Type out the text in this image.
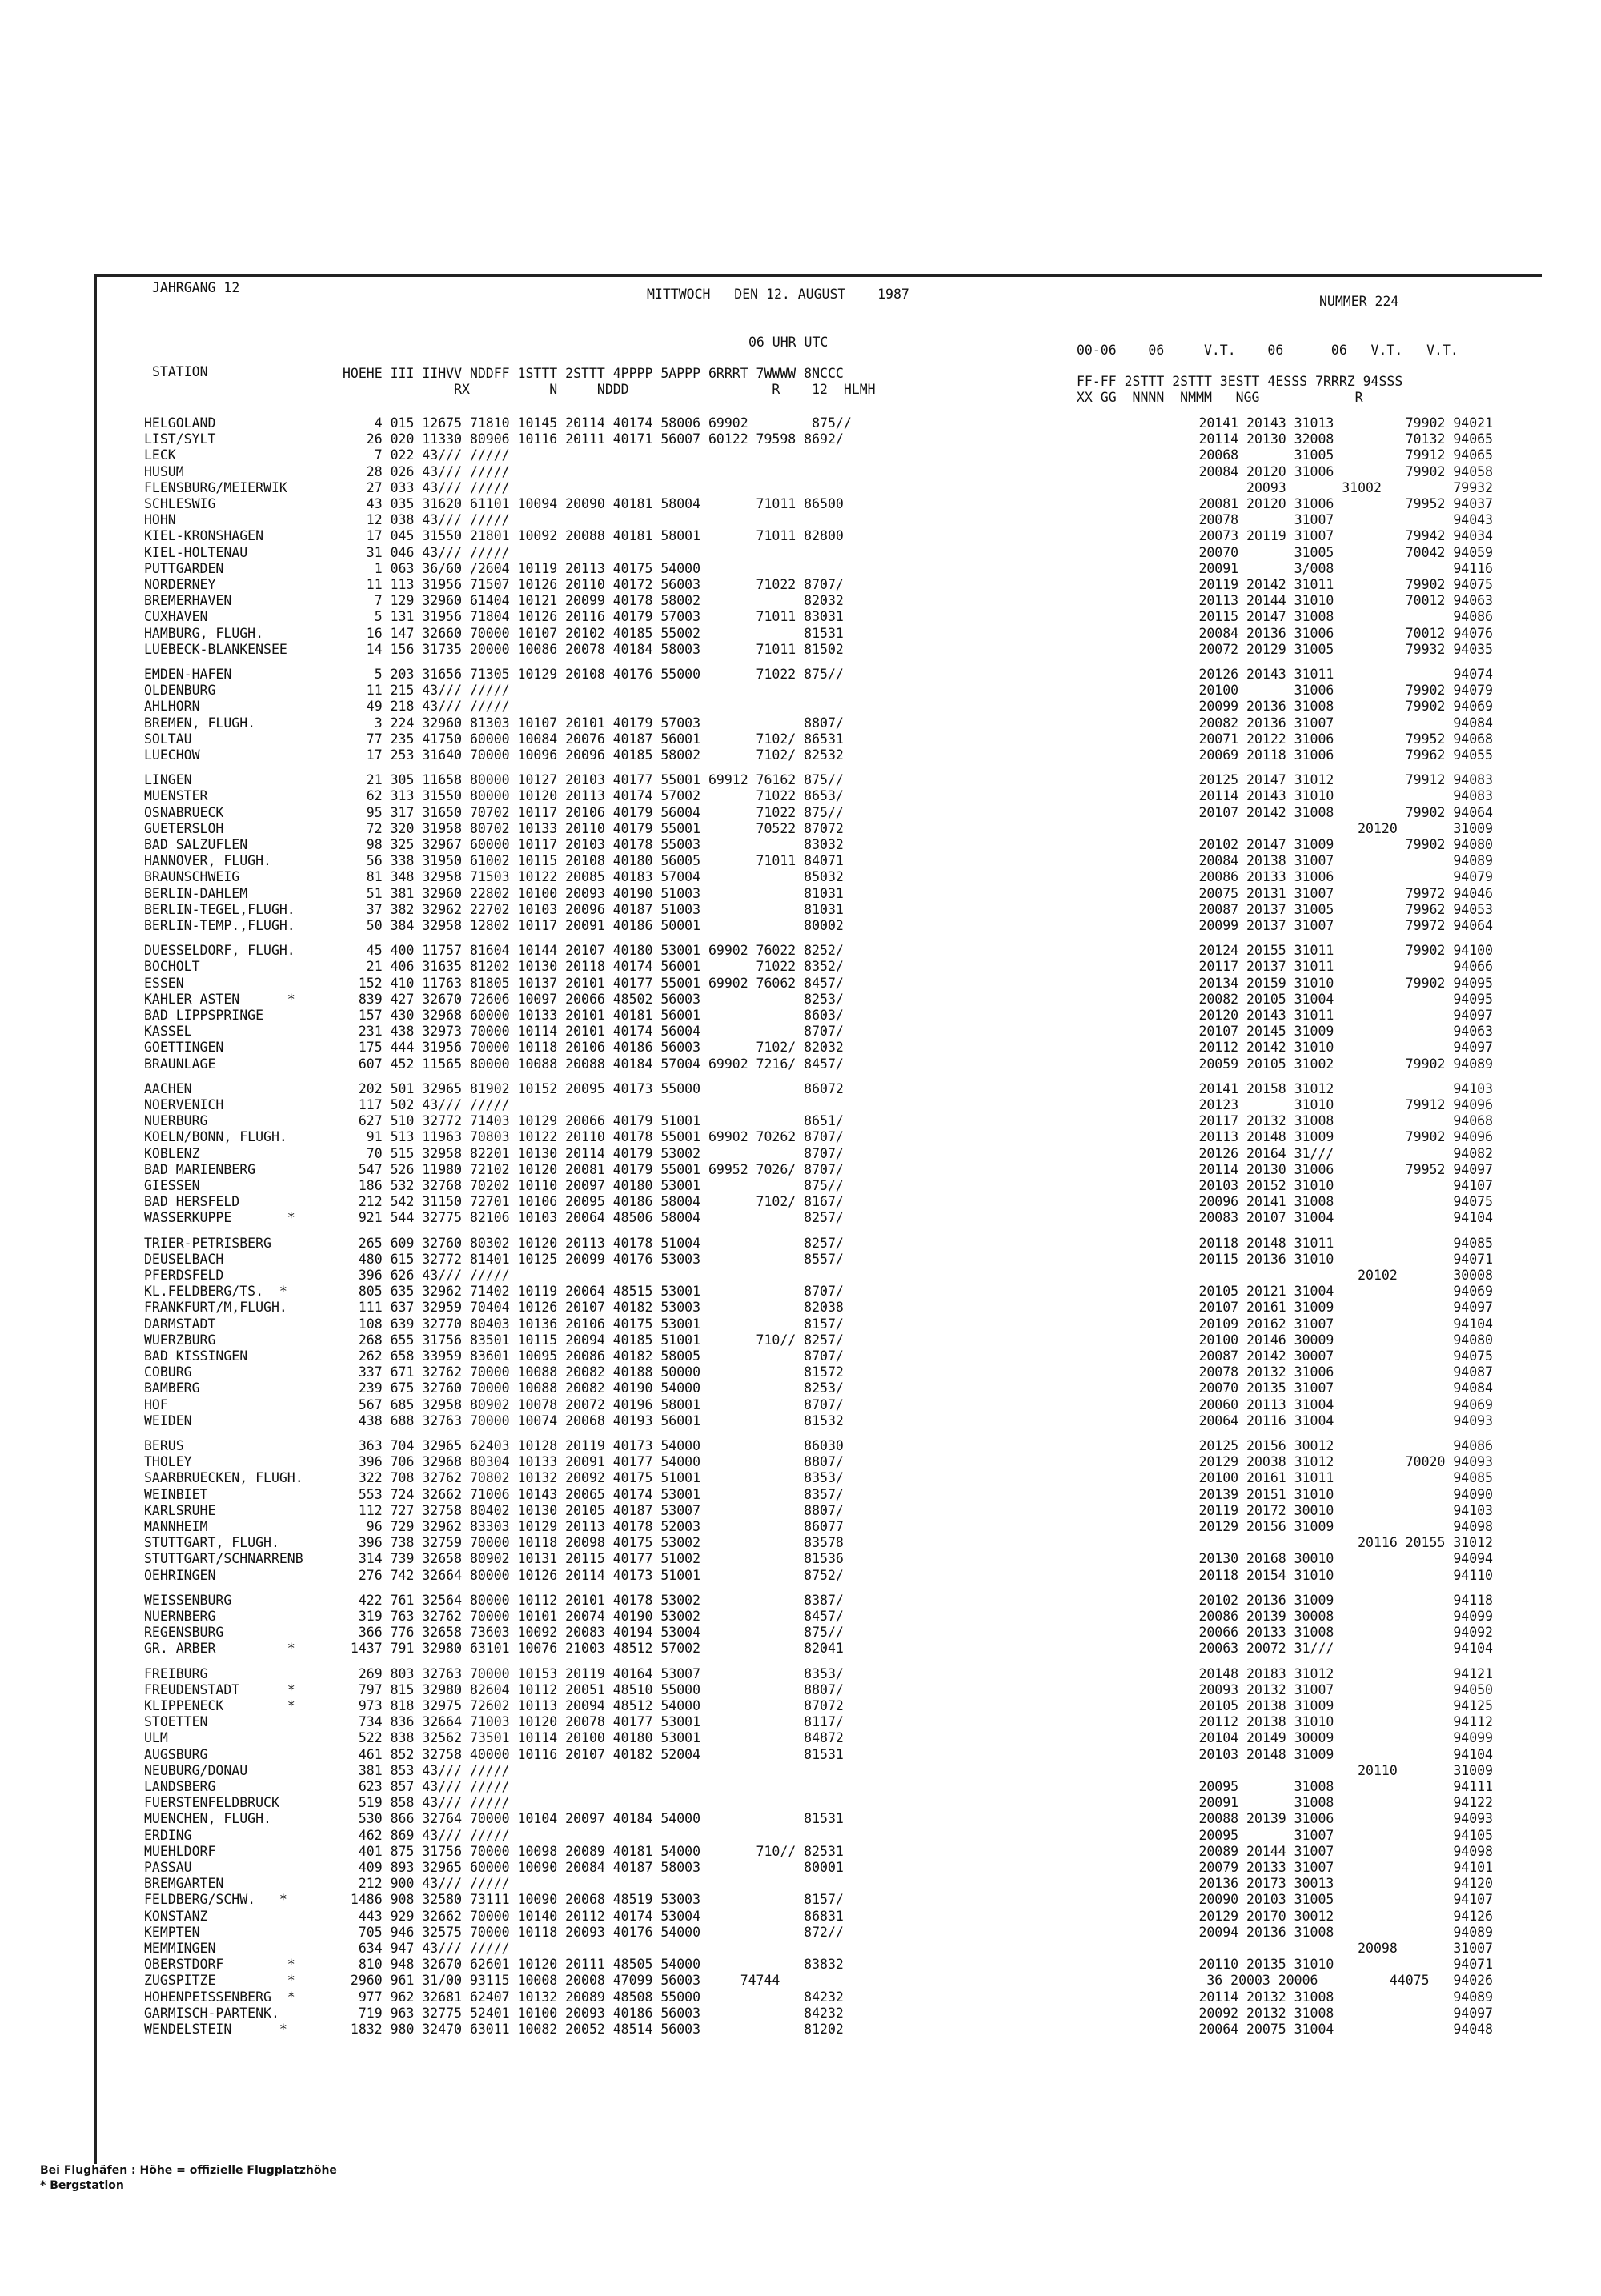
JAHRGANG 12	MITTWOCH   DEN 12. AUGUST    1987	NUMMER 224
06 UHR UTC
00-06    06     V.T.    06      06   V.T.   V.T.
STATION	HOEHE III IIHVV NDDFF 1STTT 2STTT 4PPPP 5APPP 6RRRT 7WWWW 8NCCC
RX          N     NDDD                  R    12  HLMH
FF-FF 2STTT 2STTT 3ESTT 4ESSS 7RRRZ 94SSS
XX GG  NNNN  NMMM   NGG            R
HELGOLAND	4 015 12675 71810 10145 20114 40174 58006 69902        875//	20141 20143 31013         79902 94021
LIST/SYLT	26 020 11330 80906 10116 20111 40171 56007 60122 79598 8692/	20114 20130 32008         70132 94065
LECK	7 022 43/// /////	20068       31005         79912 94065
HUSUM	28 026 43/// /////	20084 20120 31006         79902 94058
FLENSBURG/MEIERWIK	27 033 43/// /////	20093       31002         79932
SCHLESWIG	43 035 31620 61101 10094 20090 40181 58004       71011 86500	20081 20120 31006         79952 94037
HOHN	12 038 43/// /////	20078       31007               94043
KIEL-KRONSHAGEN	17 045 31550 21801 10092 20088 40181 58001       71011 82800	20073 20119 31007         79942 94034
KIEL-HOLTENAU	31 046 43/// /////	20070       31005         70042 94059
PUTTGARDEN	1 063 36/60 /2604 10119 20113 40175 54000	20091       3/008               94116
NORDERNEY	11 113 31956 71507 10126 20110 40172 56003       71022 8707/	20119 20142 31011         79902 94075
BREMERHAVEN	7 129 32960 61404 10121 20099 40178 58002             82032	20113 20144 31010         70012 94063
CUXHAVEN	5 131 31956 71804 10126 20116 40179 57003       71011 83031	20115 20147 31008               94086
HAMBURG, FLUGH.	16 147 32660 70000 10107 20102 40185 55002             81531	20084 20136 31006         70012 94076
LUEBECK-BLANKENSEE	14 156 31735 20000 10086 20078 40184 58003       71011 81502	20072 20129 31005         79932 94035
EMDEN-HAFEN	5 203 31656 71305 10129 20108 40176 55000       71022 875//	20126 20143 31011               94074
OLDENBURG	11 215 43/// /////	20100       31006         79902 94079
AHLHORN	49 218 43/// /////	20099 20136 31008         79902 94069
BREMEN, FLUGH.	3 224 32960 81303 10107 20101 40179 57003             8807/	20082 20136 31007               94084
SOLTAU	77 235 41750 60000 10084 20076 40187 56001       7102/ 86531	20071 20122 31006         79952 94068
LUECHOW	17 253 31640 70000 10096 20096 40185 58002       7102/ 82532	20069 20118 31006         79962 94055
LINGEN	21 305 11658 80000 10127 20103 40177 55001 69912 76162 875//	20125 20147 31012         79912 94083
MUENSTER	62 313 31550 80000 10120 20113 40174 57002       71022 8653/	20114 20143 31010               94083
OSNABRUECK	95 317 31650 70702 10117 20106 40179 56004       71022 875//	20107 20142 31008         79902 94064
GUETERSLOH	72 320 31958 80702 10133 20110 40179 55001       70522 87072	20120       31009
BAD SALZUFLEN	98 325 32967 60000 10117 20103 40178 55003             83032	20102 20147 31009         79902 94080
HANNOVER, FLUGH.	56 338 31950 61002 10115 20108 40180 56005       71011 84071	20084 20138 31007               94089
BRAUNSCHWEIG	81 348 32958 71503 10122 20085 40183 57004             85032	20086 20133 31006               94079
BERLIN-DAHLEM	51 381 32960 22802 10100 20093 40190 51003             81031	20075 20131 31007         79972 94046
BERLIN-TEGEL,FLUGH.	37 382 32962 22702 10103 20096 40187 51003             81031	20087 20137 31005         79962 94053
BERLIN-TEMP.,FLUGH.	50 384 32958 12802 10117 20091 40186 50001             80002	20099 20137 31007         79972 94064
DUESSELDORF, FLUGH.	45 400 11757 81604 10144 20107 40180 53001 69902 76022 8252/	20124 20155 31011         79902 94100
BOCHOLT	21 406 31635 81202 10130 20118 40174 56001       71022 8352/	20117 20137 31011               94066
ESSEN	152 410 11763 81805 10137 20101 40177 55001 69902 76062 8457/	20134 20159 31010         79902 94095
KAHLER ASTEN      *	839 427 32670 72606 10097 20066 48502 56003             8253/	20082 20105 31004               94095
BAD LIPPSPRINGE	157 430 32968 60000 10133 20101 40181 56001             8603/	20120 20143 31011               94097
KASSEL	231 438 32973 70000 10114 20101 40174 56004             8707/	20107 20145 31009               94063
GOETTINGEN	175 444 31956 70000 10118 20106 40186 56003       7102/ 82032	20112 20142 31010               94097
BRAUNLAGE	607 452 11565 80000 10088 20088 40184 57004 69902 7216/ 8457/	20059 20105 31002         79902 94089
AACHEN	202 501 32965 81902 10152 20095 40173 55000             86072	20141 20158 31012               94103
NOERVENICH	117 502 43/// /////	20123       31010         79912 94096
NUERBURG	627 510 32772 71403 10129 20066 40179 51001             8651/	20117 20132 31008               94068
KOELN/BONN, FLUGH.	91 513 11963 70803 10122 20110 40178 55001 69902 70262 8707/	20113 20148 31009         79902 94096
KOBLENZ	70 515 32958 82201 10130 20114 40179 53002             8707/	20126 20164 31///               94082
BAD MARIENBERG	547 526 11980 72102 10120 20081 40179 55001 69952 7026/ 8707/	20114 20130 31006         79952 94097
GIESSEN	186 532 32768 70202 10110 20097 40180 53001             875//	20103 20152 31010               94107
BAD HERSFELD	212 542 31150 72701 10106 20095 40186 58004       7102/ 8167/	20096 20141 31008               94075
WASSERKUPPE       *	921 544 32775 82106 10103 20064 48506 58004             8257/	20083 20107 31004               94104
TRIER-PETRISBERG	265 609 32760 80302 10120 20113 40178 51004             8257/	20118 20148 31011               94085
DEUSELBACH	480 615 32772 81401 10125 20099 40176 53003             8557/	20115 20136 31010               94071
PFERDSFELD	396 626 43/// /////	20102       30008
KL.FELDBERG/TS.  *	805 635 32962 71402 10119 20064 48515 53001             8707/	20105 20121 31004               94069
FRANKFURT/M,FLUGH.	111 637 32959 70404 10126 20107 40182 53003             82038	20107 20161 31009               94097
DARMSTADT	108 639 32770 80403 10136 20106 40175 53001             8157/	20109 20162 31007               94104
WUERZBURG	268 655 31756 83501 10115 20094 40185 51001       710// 8257/	20100 20146 30009               94080
BAD KISSINGEN	262 658 33959 83601 10095 20086 40182 58005             8707/	20087 20142 30007               94075
COBURG	337 671 32762 70000 10088 20082 40188 50000             81572	20078 20132 31006               94087
BAMBERG	239 675 32760 70000 10088 20082 40190 54000             8253/	20070 20135 31007               94084
HOF	567 685 32958 80902 10078 20072 40196 58001             8707/	20060 20113 31004               94069
WEIDEN	438 688 32763 70000 10074 20068 40193 56001             81532	20064 20116 31004               94093
BERUS	363 704 32965 62403 10128 20119 40173 54000             86030	20125 20156 30012               94086
THOLEY	396 706 32968 80304 10133 20091 40177 54000             8807/	20129 20038 31012         70020 94093
SAARBRUECKEN, FLUGH.	322 708 32762 70802 10132 20092 40175 51001             8353/	20100 20161 31011               94085
WEINBIET	553 724 32662 71006 10143 20065 40174 53001             8357/	20139 20151 31010               94090
KARLSRUHE	112 727 32758 80402 10130 20105 40187 53007             8807/	20119 20172 30010               94103
MANNHEIM	96 729 32962 83303 10129 20113 40178 52003             86077	20129 20156 31009               94098
STUTTGART, FLUGH.	396 738 32759 70000 10118 20098 40175 53002             83578	20116 20155 31012
STUTTGART/SCHNARRENB	314 739 32658 80902 10131 20115 40177 51002             81536	20130 20168 30010               94094
OEHRINGEN	276 742 32664 80000 10126 20114 40173 51001             8752/	20118 20154 31010               94110
WEISSENBURG	422 761 32564 80000 10112 20101 40178 53002             8387/	20102 20136 31009               94118
NUERNBERG	319 763 32762 70000 10101 20074 40190 53002             8457/	20086 20139 30008               94099
REGENSBURG	366 776 32658 73603 10092 20083 40194 53004             875//	20066 20133 31008               94092
GR. ARBER         *	1437 791 32980 63101 10076 21003 48512 57002             82041	20063 20072 31///               94104
FREIBURG	269 803 32763 70000 10153 20119 40164 53007             8353/	20148 20183 31012               94121
FREUDENSTADT      *	797 815 32980 82604 10112 20051 48510 55000             8807/	20093 20132 31007               94050
KLIPPENECK        *	973 818 32975 72602 10113 20094 48512 54000             87072	20105 20138 31009               94125
STOETTEN	734 836 32664 71003 10120 20078 40177 53001             8117/	20112 20138 31010               94112
ULM	522 838 32562 73501 10114 20100 40180 53001             84872	20104 20149 30009               94099
AUGSBURG	461 852 32758 40000 10116 20107 40182 52004             81531	20103 20148 31009               94104
NEUBURG/DONAU	381 853 43/// /////	20110       31009
LANDSBERG	623 857 43/// /////	20095       31008               94111
FUERSTENFELDBRUCK	519 858 43/// /////	20091       31008               94122
MUENCHEN, FLUGH.	530 866 32764 70000 10104 20097 40184 54000             81531	20088 20139 31006               94093
ERDING	462 869 43/// /////	20095       31007               94105
MUEHLDORF	401 875 31756 70000 10098 20089 40181 54000       710// 82531	20089 20144 31007               94098
PASSAU	409 893 32965 60000 10090 20084 40187 58003             80001	20079 20133 31007               94101
BREMGARTEN	212 900 43/// /////	20136 20173 30013               94120
FELDBERG/SCHW.   *	1486 908 32580 73111 10090 20068 48519 53003             8157/	20090 20103 31005               94107
KONSTANZ	443 929 32662 70000 10140 20112 40174 53004             86831	20129 20170 30012               94126
KEMPTEN	705 946 32575 70000 10118 20093 40176 54000             872//	20094 20136 31008               94089
MEMMINGEN	634 947 43/// /////	20098       31007
OBERSTDORF        *	810 948 32670 62601 10120 20111 48505 54000             83832	20110 20135 31010               94071
ZUGSPITZE         *	2960 961 31/00 93115 10008 20008 47099 56003     74744	36 20003 20006         44075   94026
HOHENPEISSENBERG  *	977 962 32681 62407 10132 20089 48508 55000             84232	20114 20132 31008               94089
GARMISCH-PARTENK.	719 963 32775 52401 10100 20093 40186 56003             84232	20092 20132 31008               94097
WENDELSTEIN      *	1832 980 32470 63011 10082 20052 48514 56003             81202	20064 20075 31004               94048
Bei Flughäfen : Höhe = offizielle Flugplatzhöhe
* Bergstation
